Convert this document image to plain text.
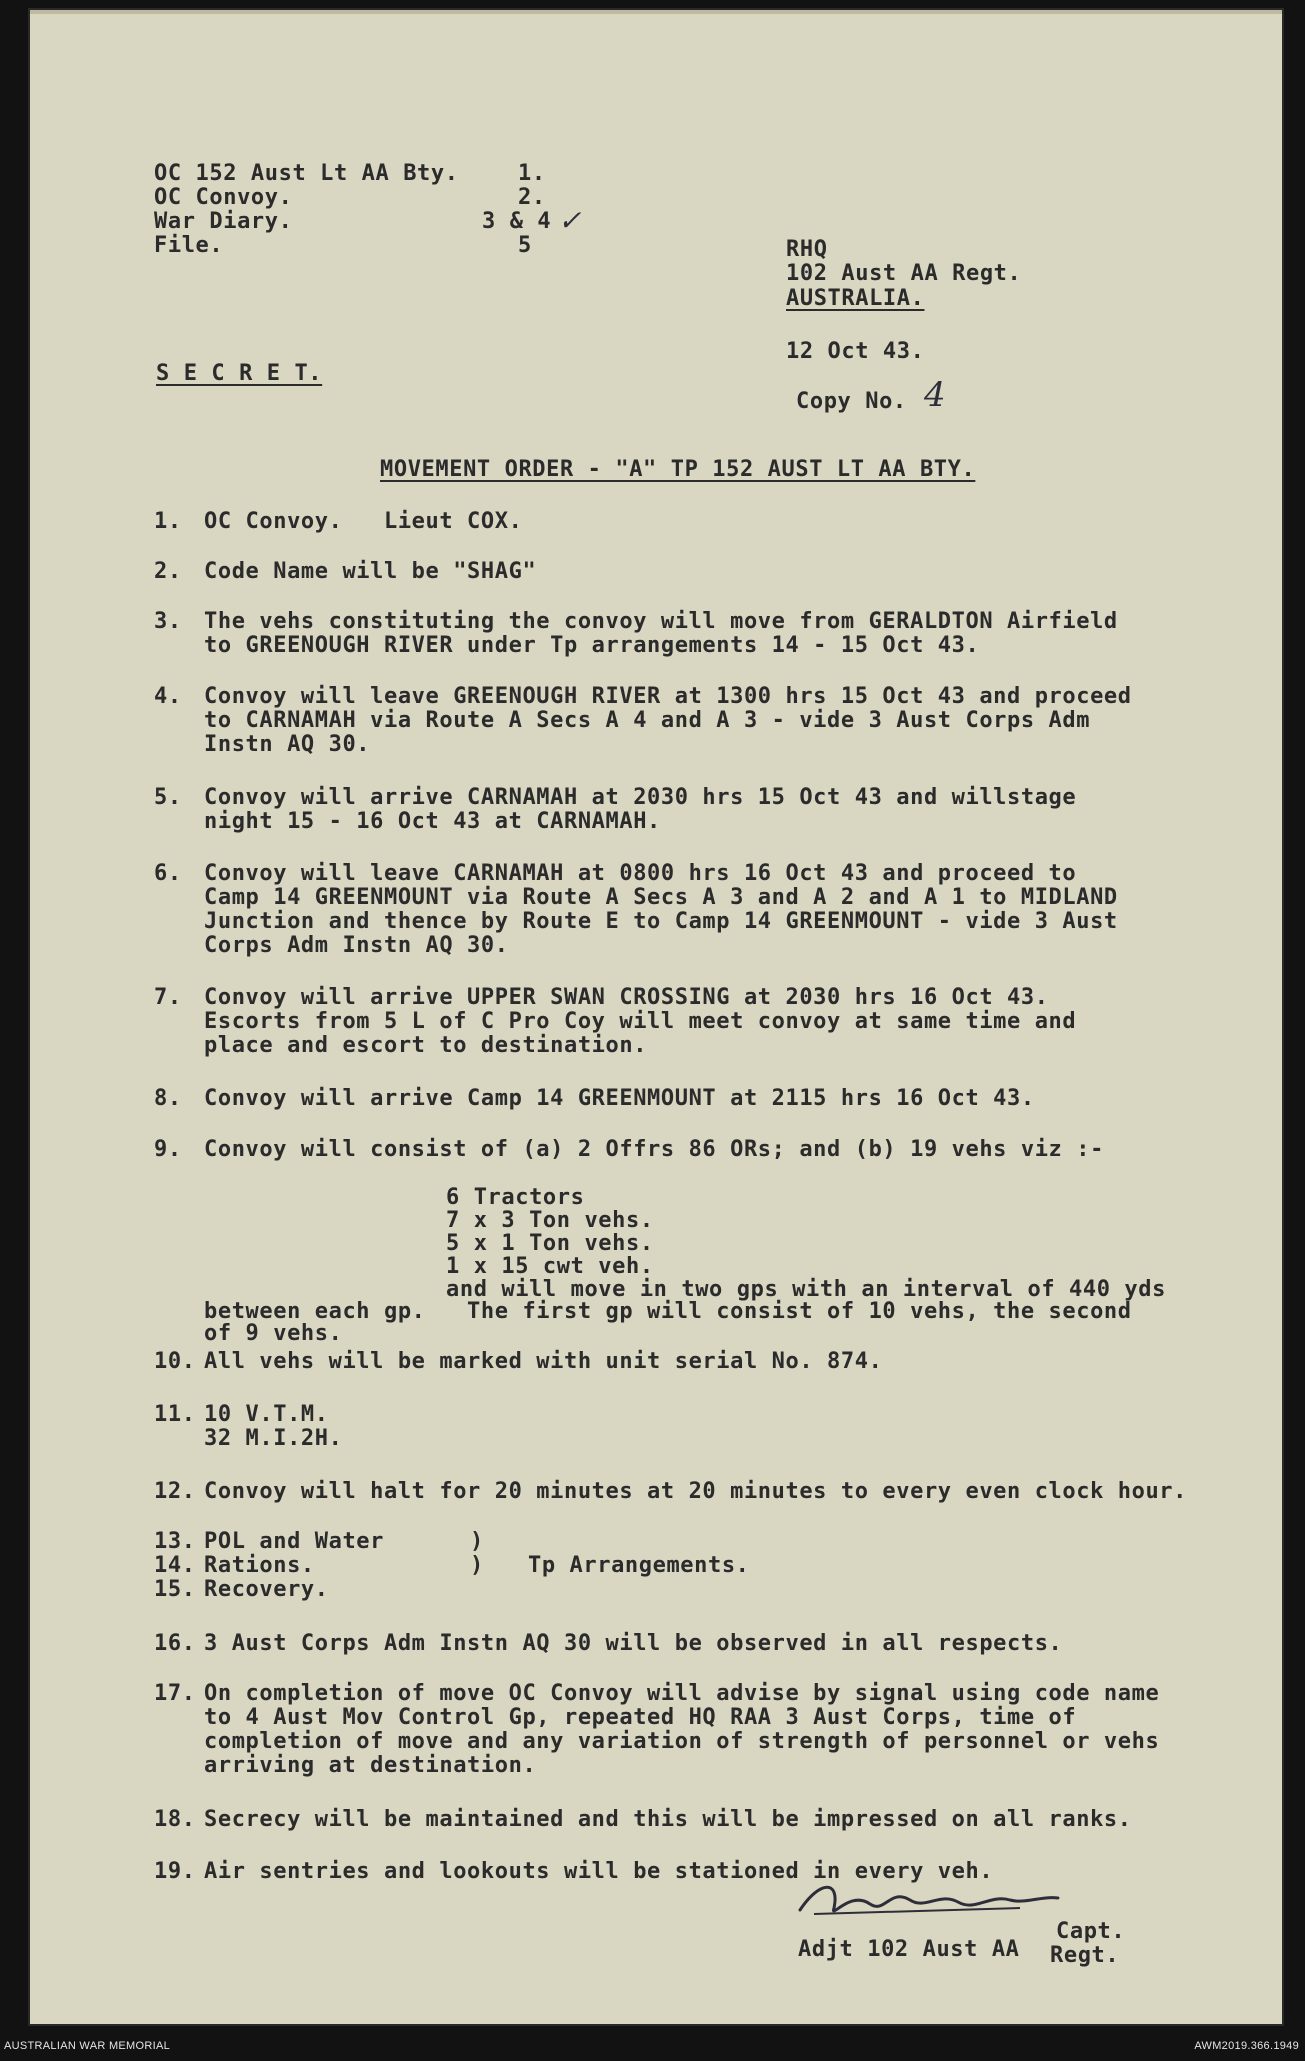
OC 152 Aust Lt AA Bty.	1.
OC Convoy.	2.
War Diary.	3 & 4 ✓
File.	5	RHQ
102 Aust AA Regt.
AUSTRALIA.
12 Oct 43.
S E C R E T.
Copy No. 4
MOVEMENT ORDER - "A" TP 152 AUST LT AA BTY.
1. OC Convoy.   Lieut COX.
2. Code Name will be "SHAG"
3. The vehs constituting the convoy will move from GERALDTON Airfield
to GREENOUGH RIVER under Tp arrangements 14 - 15 Oct 43.
4. Convoy will leave GREENOUGH RIVER at 1300 hrs 15 Oct 43 and proceed
to CARNAMAH via Route A Secs A 4 and A 3 - vide 3 Aust Corps Adm
Instn AQ 30.
5. Convoy will arrive CARNAMAH at 2030 hrs 15 Oct 43 and willstage
night 15 - 16 Oct 43 at CARNAMAH.
6. Convoy will leave CARNAMAH at 0800 hrs 16 Oct 43 and proceed to
Camp 14 GREENMOUNT via Route A Secs A 3 and A 2 and A 1 to MIDLAND
Junction and thence by Route E to Camp 14 GREENMOUNT - vide 3 Aust
Corps Adm Instn AQ 30.
7. Convoy will arrive UPPER SWAN CROSSING at 2030 hrs 16 Oct 43.
Escorts from 5 L of C Pro Coy will meet convoy at same time and
place and escort to destination.
8. Convoy will arrive Camp 14 GREENMOUNT at 2115 hrs 16 Oct 43.
9. Convoy will consist of (a) 2 Offrs 86 ORs; and (b) 19 vehs viz :-
6 Tractors
7 x 3 Ton vehs.
5 x 1 Ton vehs.
1 x 15 cwt veh.
and will move in two gps with an interval of 440 yds
between each gp.   The first gp will consist of 10 vehs, the second
of 9 vehs.
10. All vehs will be marked with unit serial No. 874.
11. 10 V.T.M.
32 M.I.2H.
12. Convoy will halt for 20 minutes at 20 minutes to every even clock hour.
13. POL and Water
14. Rations.
15. Recovery.
)
) Tp Arrangements.
16. 3 Aust Corps Adm Instn AQ 30 will be observed in all respects.
17. On completion of move OC Convoy will advise by signal using code name
to 4 Aust Mov Control Gp, repeated HQ RAA 3 Aust Corps, time of
completion of move and any variation of strength of personnel or vehs
arriving at destination.
18. Secrecy will be maintained and this will be impressed on all ranks.
19. Air sentries and lookouts will be stationed in every veh.
Capt.
Adjt 102 Aust AA Regt.
AUSTRALIAN WAR MEMORIAL	AWM2019.366.1949
